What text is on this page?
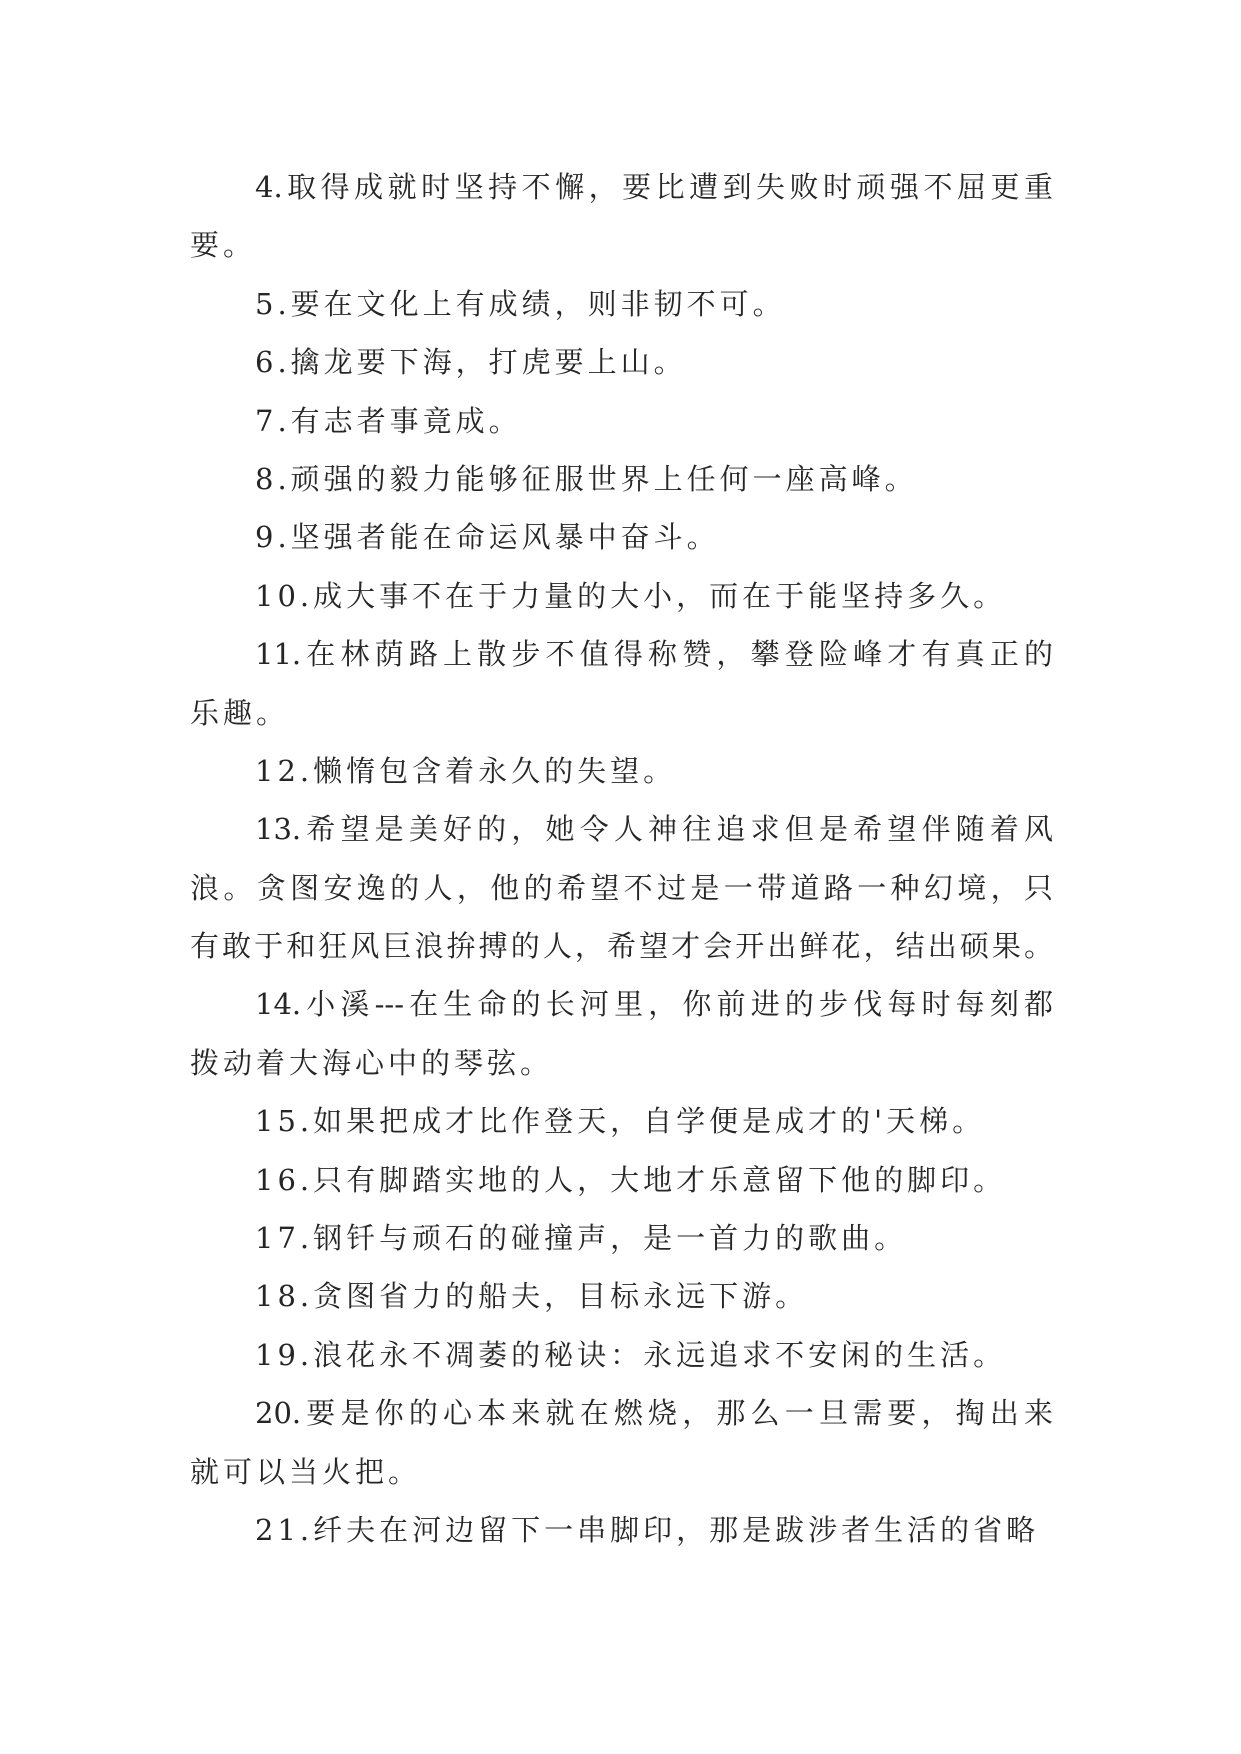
4.取得成就时坚持不懈，要比遭到失败时顽强不屈更重
要。
5.要在文化上有成绩，则非韧不可。
6.擒龙要下海，打虎要上山。
7.有志者事竟成。
8.顽强的毅力能够征服世界上任何一座高峰。
9.坚强者能在命运风暴中奋斗。
10.成大事不在于力量的大小，而在于能坚持多久。
11.在林荫路上散步不值得称赞，攀登险峰才有真正的
乐趣。
12.懒惰包含着永久的失望。
13.希望是美好的，她令人神往追求但是希望伴随着风
浪。贪图安逸的人，他的希望不过是一带道路一种幻境，只
有敢于和狂风巨浪拚搏的人，希望才会开出鲜花，结出硕果。
14.小溪---在生命的长河里，你前进的步伐每时每刻都
拨动着大海心中的琴弦。
15.如果把成才比作登天，自学便是成才的'天梯。
16.只有脚踏实地的人，大地才乐意留下他的脚印。
17.钢钎与顽石的碰撞声，是一首力的歌曲。
18.贪图省力的船夫，目标永远下游。
19.浪花永不凋萎的秘诀：永远追求不安闲的生活。
20.要是你的心本来就在燃烧，那么一旦需要，掏出来
就可以当火把。
21.纤夫在河边留下一串脚印，那是跋涉者生活的省略
